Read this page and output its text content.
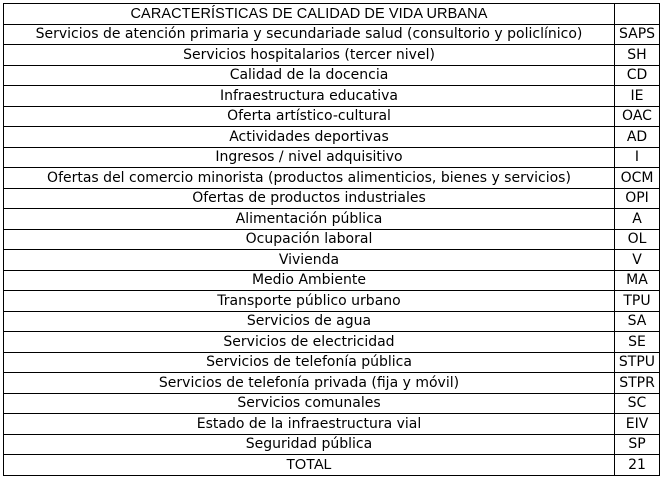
CARACTERÍSTICAS DE CALIDAD DE VIDA URBANA	
Servicios de atención primaria y secundariade salud (consultorio y policlínico)	SAPS
Servicios hospitalarios (tercer nivel)	SH
Calidad de la docencia	CD
Infraestructura educativa	IE
Oferta artístico-cultural	OAC
Actividades deportivas	AD
Ingresos / nivel adquisitivo	I
Ofertas del comercio minorista (productos alimenticios, bienes y servicios)	OCM
Ofertas de productos industriales	OPI
Alimentación pública	A
Ocupación laboral	OL
Vivienda	V
Medio Ambiente	MA
Transporte público urbano	TPU
Servicios de agua	SA
Servicios de electricidad	SE
Servicios de telefonía pública	STPU
Servicios de telefonía privada (fija y móvil)	STPR
Servicios comunales	SC
Estado de la infraestructura vial	EIV
Seguridad pública	SP
TOTAL	21
